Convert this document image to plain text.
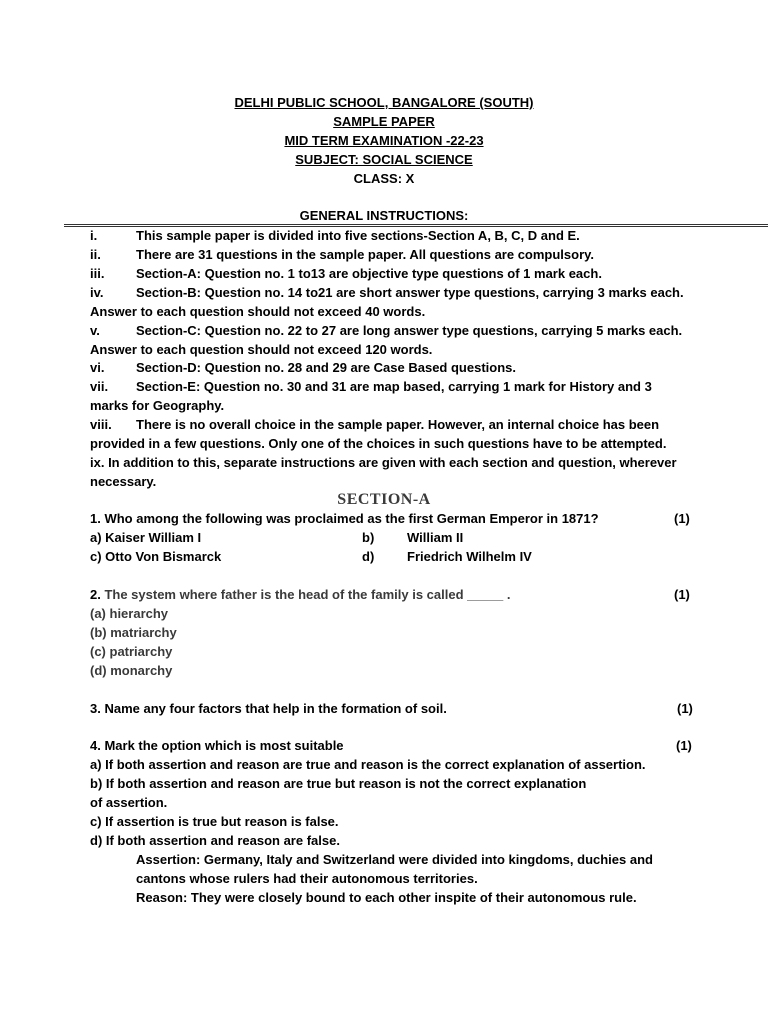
DELHI PUBLIC SCHOOL, BANGALORE (SOUTH)
SAMPLE PAPER
MID TERM EXAMINATION -22-23
SUBJECT: SOCIAL SCIENCE
CLASS: X
GENERAL INSTRUCTIONS:
i.	This sample paper is divided into five sections-Section A, B, C, D and E.
ii.	There are 31 questions in the sample paper. All questions are compulsory.
iii. Section-A: Question no. 1 to13 are objective type questions of 1 mark each.
iv.	Section-B: Question no. 14 to21 are short answer type questions, carrying 3 marks each.
Answer to each question should not exceed 40 words.
v.	Section-C: Question no. 22 to 27 are long answer type questions, carrying 5 marks each.
Answer to each question should not exceed 120 words.
vi. Section-D: Question no. 28 and 29 are Case Based questions.
vii. Section-E: Question no. 30 and 31 are map based, carrying 1 mark for History and 3
marks for Geography.
viii. There is no overall choice in the sample paper. However, an internal choice has been
provided in a few questions. Only one of the choices in such questions have to be attempted.
ix. In addition to this, separate instructions are given with each section and question, wherever
necessary.
SECTION-A
1. Who among the following was proclaimed as the first German Emperor in 1871?	(1)
a) Kaiser William I	b)	William II
c) Otto Von Bismarck	d)	Friedrich Wilhelm IV
2. The system where father is the head of the family is called _____ .	(1)
(a) hierarchy
(b) matriarchy
(c) patriarchy
(d) monarchy
3. Name any four factors that help in the formation of soil.	(1)
4. Mark the option which is most suitable	(1)
a) If both assertion and reason are true and reason is the correct explanation of assertion.
b) If both assertion and reason are true but reason is not the correct explanation
of assertion.
c) If assertion is true but reason is false.
d) If both assertion and reason are false.
Assertion: Germany, Italy and Switzerland were divided into kingdoms, duchies and
cantons whose rulers had their autonomous territories.
Reason: They were closely bound to each other inspite of their autonomous rule.
